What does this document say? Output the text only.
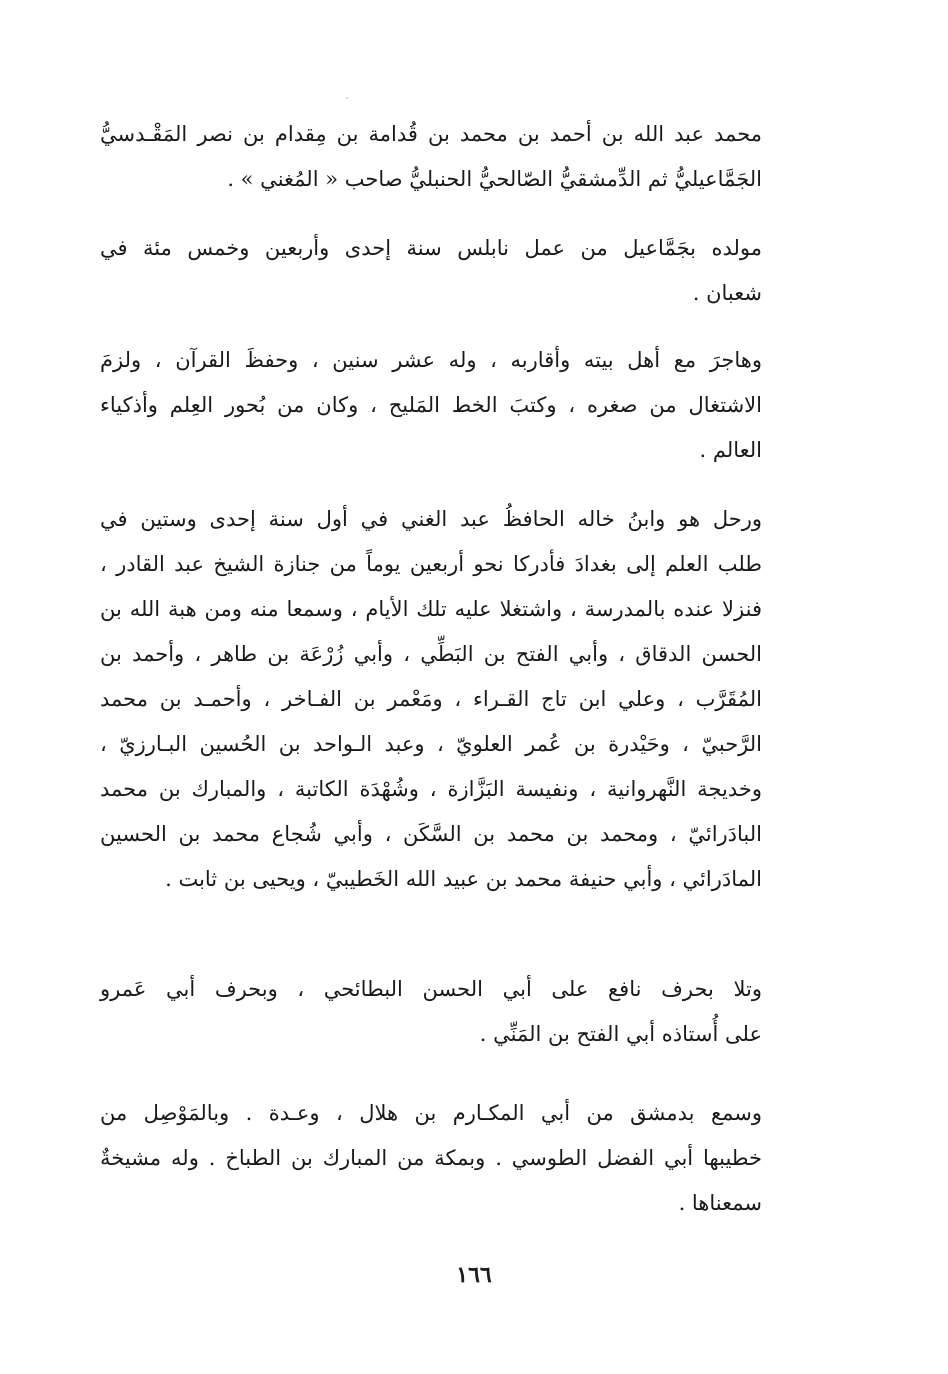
محمد عبد الله بن أحمد بن محمد بن قُدامة بن مِقدام بن نصر المَقْـدسيُّ
الجَمَّاعيليُّ ثم الدِّمشقيُّ الصّالحيُّ الحنبليُّ صاحب « المُغني » .
مولده بجَمَّاعيل من عمل نابلس سنة إحدى وأربعين وخمس مئة في
شعبان .
وهاجرَ مع أهل بيته وأقاربه ، وله عشر سنين ، وحفظَ القرآن ، ولزمَ
الاشتغال من صغره ، وكتبَ الخط المَليح ، وكان من بُحور العِلم وأذكياء
العالم .
ورحل هو وابنُ خاله الحافظُ عبد الغني في أول سنة إحدى وستين في
طلب العلم إلى بغدادَ فأدركا نحو أربعين يوماً من جنازة الشيخ عبد القادر ،
فنزلا عنده بالمدرسة ، واشتغلا عليه تلك الأيام ، وسمعا منه ومن هبة الله بن
الحسن الدقاق ، وأبي الفتح بن البَطِّي ، وأبي زُرْعَة بن طاهر ، وأحمد بن
المُقَرَّب ، وعلي ابن تاج القـراء ، ومَعْمر بن الفـاخر ، وأحمـد بن محمد
الرَّحبيّ ، وحَيْدرة بن عُمر العلويّ ، وعبد الـواحد بن الحُسين البـارزيّ ،
وخديجة النَّهروانية ، ونفيسة البَزَّازة ، وشُهْدَة الكاتبة ، والمبارك بن محمد
البادَرائيّ ، ومحمد بن محمد بن السَّكَن ، وأبي شُجاع محمد بن الحسين
المادَرائي ، وأبي حنيفة محمد بن عبيد الله الخَطيبيّ ، ويحيى بن ثابت .
وتلا بحرف نافع على أبي الحسن البطائحي ، وبحرف أبي عَمرو
على أُستاذه أبي الفتح بن المَنِّي .
وسمع بدمشق من أبي المكـارم بن هلال ، وعـدة . وبالمَوْصِل من
خطيبها أبي الفضل الطوسي . وبمكة من المبارك بن الطباخ . وله مشيخةٌ
سمعناها .
١٦٦
